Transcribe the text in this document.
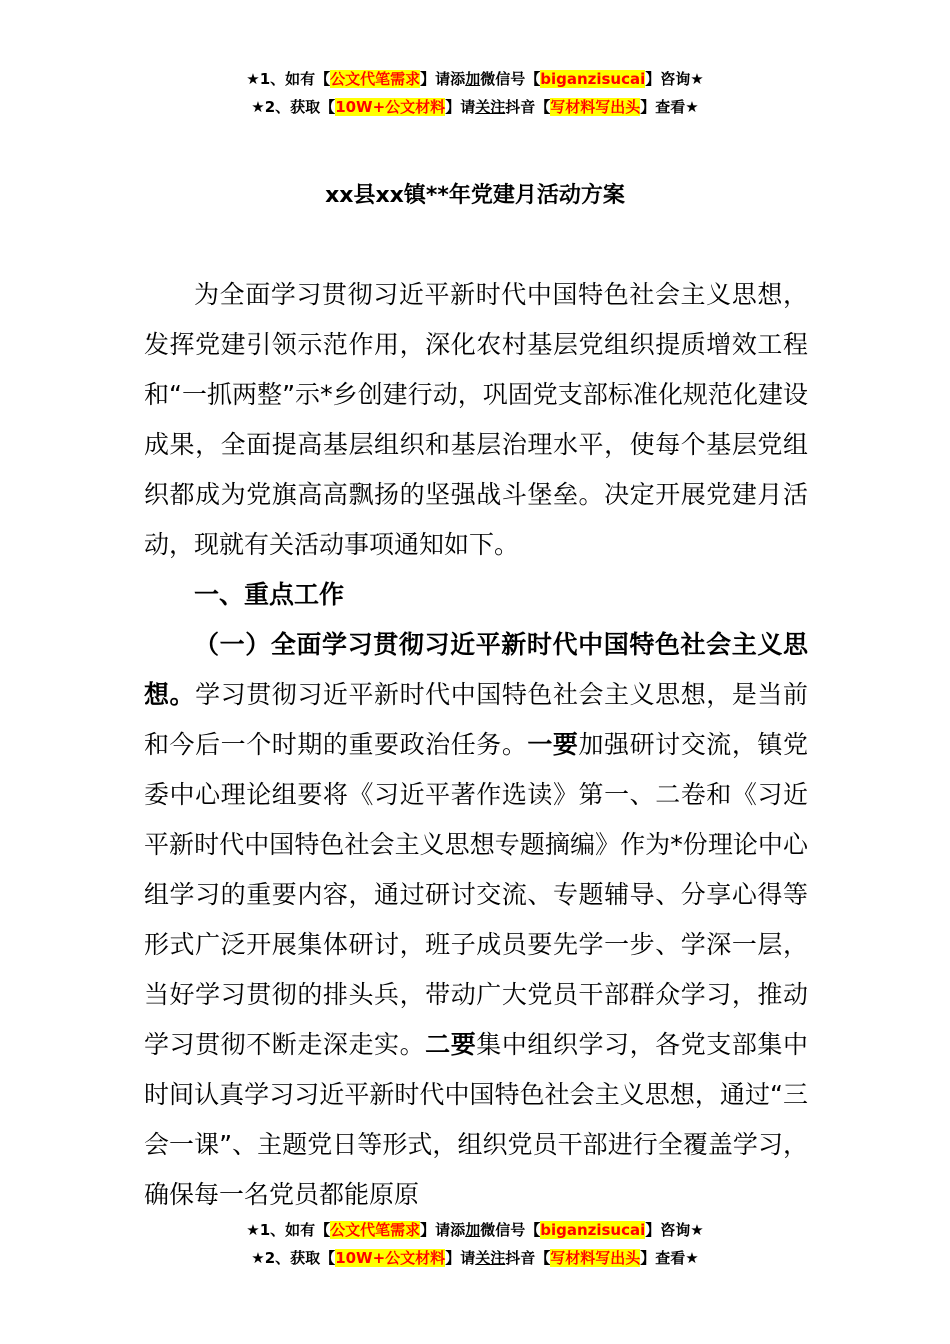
★1、如有【公文代笔需求】请添加微信号【biganzisucai】咨询★
★2、获取【10W+公文材料】请关注抖音【写材料写出头】查看★
xx县xx镇**年党建月活动方案

为全面学习贯彻习近平新时代中国特色社会主义思想，发挥党建引领示范作用，深化农村基层党组织提质增效工程和“一抓两整”示*乡创建行动，巩固党支部标准化规范化建设成果，全面提高基层组织和基层治理水平，使每个基层党组织都成为党旗高高飘扬的坚强战斗堡垒。决定开展党建月活动，现就有关活动事项通知如下。

一、重点工作

（一）全面学习贯彻习近平新时代中国特色社会主义思想。学习贯彻习近平新时代中国特色社会主义思想，是当前和今后一个时期的重要政治任务。一要加强研讨交流，镇党委中心理论组要将《习近平著作选读》第一、二卷和《习近平新时代中国特色社会主义思想专题摘编》作为*份理论中心组学习的重要内容，通过研讨交流、专题辅导、分享心得等形式广泛开展集体研讨，班子成员要先学一步、学深一层，当好学习贯彻的排头兵，带动广大党员干部群众学习，推动学习贯彻不断走深走实。二要集中组织学习，各党支部集中时间认真学习习近平新时代中国特色社会主义思想，通过“三会一课”、主题党日等形式，组织党员干部进行全覆盖学习，确保每一名党员都能原原

★1、如有【公文代笔需求】请添加微信号【biganzisucai】咨询★
★2、获取【10W+公文材料】请关注抖音【写材料写出头】查看★
